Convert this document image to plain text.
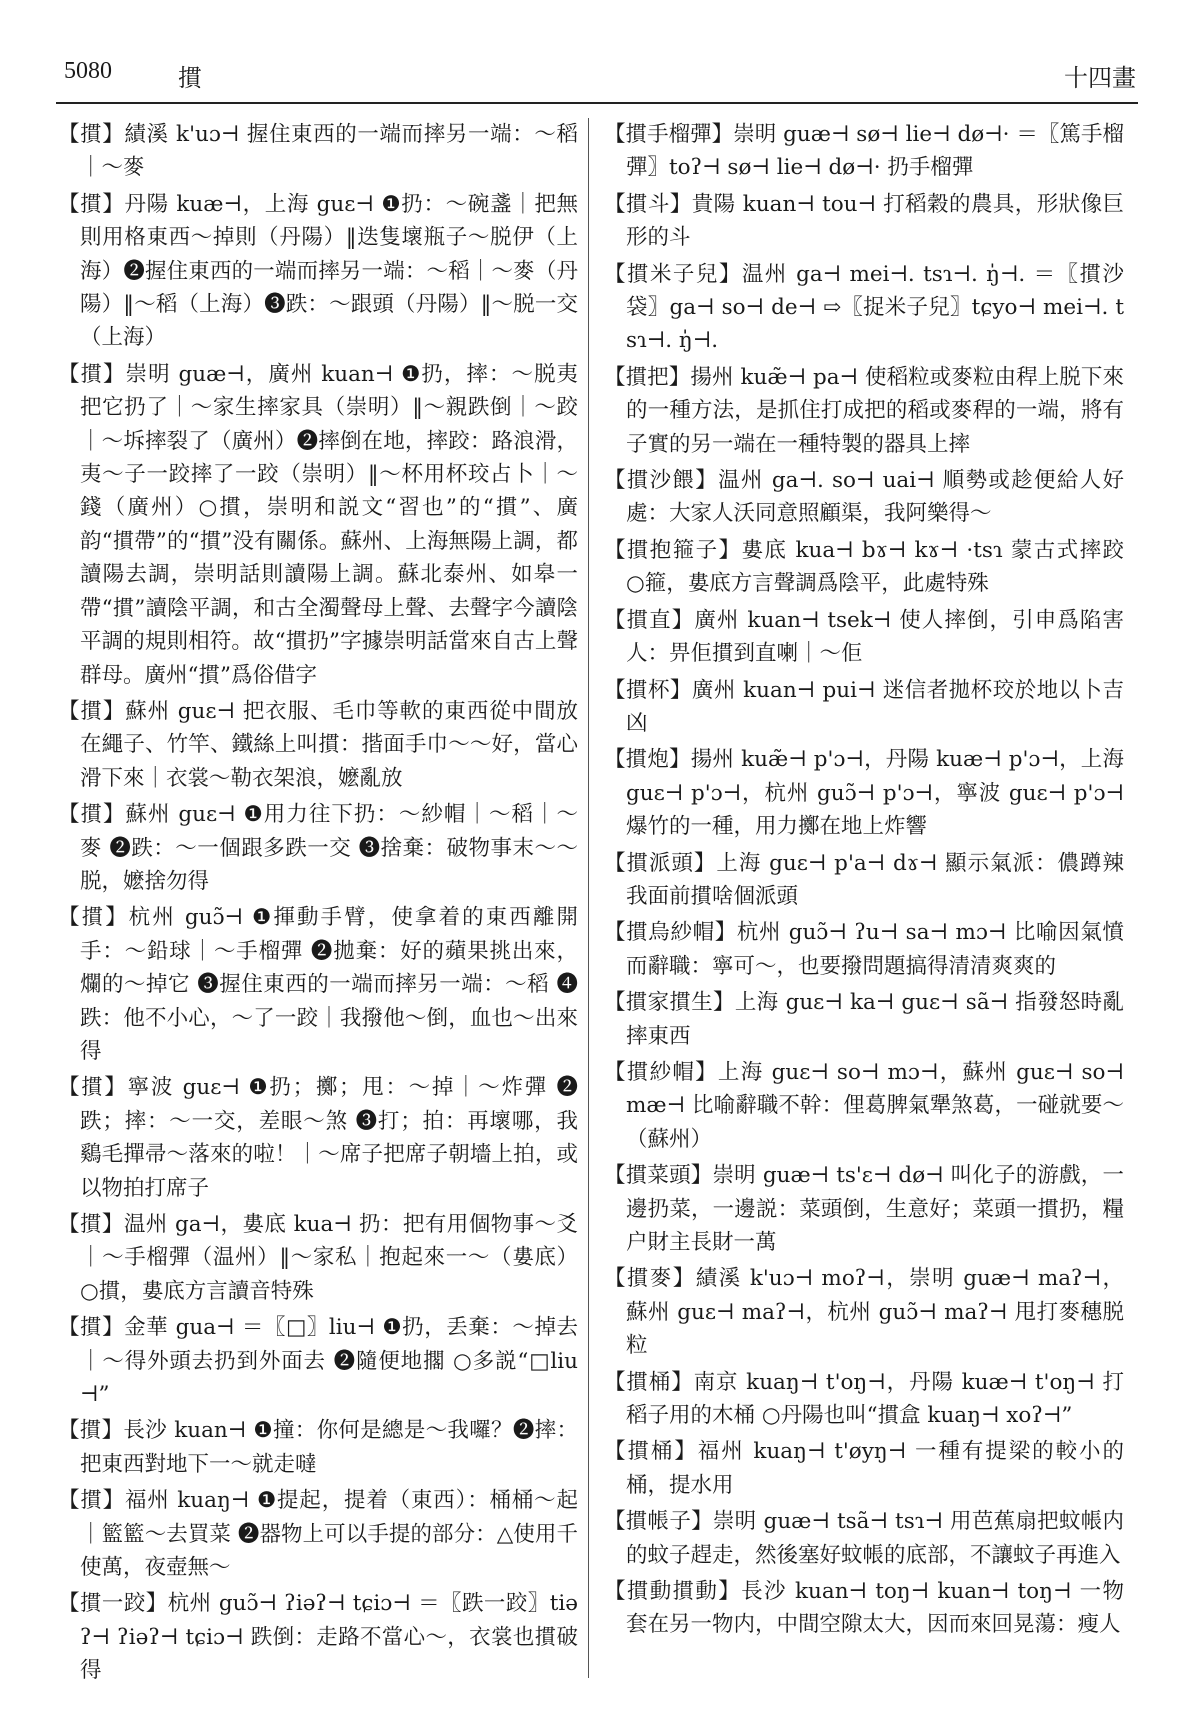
5080	摜	十四畫

【摜】績溪 k'uɔ⊣ 握住東西的一端而摔另一端：～稻｜～麥

【摜】丹陽 kuæ⊣，上海 guɛ⊣ ❶扔：～碗盞｜把無則用格東西～掉則（丹陽）‖迭隻壞瓶子～脱伊（上海）❷握住東西的一端而摔另一端：～稻｜～麥（丹陽）‖～稻（上海）❸跌：～跟頭（丹陽）‖～脱一交（上海）

【摜】崇明 guæ⊣，廣州 kuan⊣ ❶扔，摔：～脱夷把它扔了｜～家生摔家具（崇明）‖～親跌倒｜～跤｜～坼摔裂了（廣州）❷摔倒在地，摔跤：路浪滑，夷～子一跤摔了一跤（崇明）‖～杯用杯珓占卜｜～錢（廣州）○摜，崇明和説文“習也”的“摜”、廣韵“摜帶”的“摜”没有關係。蘇州、上海無陽上調，都讀陽去調，崇明話則讀陽上調。蘇北泰州、如皋一帶“摜”讀陰平調，和古全濁聲母上聲、去聲字今讀陰平調的規則相符。故“摜扔”字據崇明話當來自古上聲群母。廣州“摜”爲俗借字

【摜】蘇州 guɛ⊣ 把衣服、毛巾等軟的東西從中間放在繩子、竹竿、鐵絲上叫摜：揩面手巾～～好，當心滑下來｜衣裳～勒衣架浪，嬷亂放

【摜】蘇州 guɛ⊣ ❶用力往下扔：～紗帽｜～稻｜～麥 ❷跌：～一個跟多跌一交 ❸捨棄：破物事末～～脱，嬷捨勿得

【摜】杭州 guɔ̃⊣ ❶揮動手臂，使拿着的東西離開手：～鉛球｜～手榴彈 ❷拋棄：好的蘋果挑出來，爛的～掉它 ❸握住東西的一端而摔另一端：～稻 ❹跌：他不小心，～了一跤｜我撥他～倒，血也～出來得

【摜】寧波 guɛ⊣ ❶扔；擲；甩：～掉｜～炸彈 ❷跌；摔：～一交，差眼～煞 ❸打；拍：再壞哪，我鷄毛撣帚～落來的啦！｜～席子把席子朝墻上拍，或以物拍打席子

【摜】温州 ga⊣，婁底 kua⊣ 扔：把有用個物事～爻｜～手榴彈（温州）‖～家私｜抱起來一～（婁底）○摜，婁底方言讀音特殊

【摜】金華 gua⊣ ＝〖□〗liu⊣ ❶扔，丢棄：～掉去｜～得外頭去扔到外面去 ❷隨便地擱 ○多説“□liu⊣”

【摜】長沙 kuan⊣ ❶撞：你何是總是～我囉？❷摔：把東西對地下一～就走噠

【摜】福州 kuaŋ⊣ ❶提起，提着（東西）：桶桶～起｜籃籃～去買菜 ❷器物上可以手提的部分：△使用千使萬，夜壺無～

【摜一跤】杭州 guɔ̃⊣ ʔiəʔ⊣ tɕiɔ⊣ ＝〖跌一跤〗tiəʔ⊣ ʔiəʔ⊣ tɕiɔ⊣ 跌倒：走路不當心～，衣裳也摜破得

【摜手榴彈】崇明 guæ⊣ sø⊣ lie⊣ dø⊣· ＝〖篤手榴彈〗toʔ⊣ sø⊣ lie⊣ dø⊣· 扔手榴彈

【摜斗】貴陽 kuan⊣ tou⊣ 打稻穀的農具，形狀像巨形的斗

【摜米子兒】温州 ga⊣ mei⊣. tsɿ⊣. ŋ̍⊣. ＝〖摜沙袋〗ga⊣ so⊣ de⊣ ⇨〖捉米子兒〗tɕyo⊣ mei⊣. tsɿ⊣. ŋ̍⊣.

【摜把】揚州 kuæ̃⊣ pa⊣ 使稻粒或麥粒由稈上脱下來的一種方法，是抓住打成把的稻或麥稈的一端，將有子實的另一端在一種特製的器具上摔

【摜沙餵】温州 ga⊣. so⊣ uai⊣ 順勢或趁便給人好處：大家人沃同意照顧渠，我阿樂得～

【摜抱箍子】婁底 kua⊣ bɤ⊣ kɤ⊣ ·tsɿ 蒙古式摔跤 ○箍，婁底方言聲調爲陰平，此處特殊

【摜直】廣州 kuan⊣ tsek⊣ 使人摔倒，引申爲陷害人：畀佢摜到直喇｜～佢

【摜杯】廣州 kuan⊣ pui⊣ 迷信者拋杯珓於地以卜吉凶

【摜炮】揚州 kuæ̃⊣ p'ɔ⊣，丹陽 kuæ⊣ p'ɔ⊣，上海 guɛ⊣ p'ɔ⊣，杭州 guɔ̃⊣ p'ɔ⊣，寧波 guɛ⊣ p'ɔ⊣ 爆竹的一種，用力擲在地上炸響

【摜派頭】上海 guɛ⊣ p'a⊣ dɤ⊣ 顯示氣派：儂蹲辣我面前摜啥個派頭

【摜烏紗帽】杭州 guɔ̃⊣ ʔu⊣ sa⊣ mɔ⊣ 比喻因氣憤而辭職：寧可～，也要撥問題搞得清清爽爽的

【摜家摜生】上海 guɛ⊣ ka⊣ guɛ⊣ sã⊣ 指發怒時亂摔東西

【摜紗帽】上海 guɛ⊣ so⊣ mɔ⊣，蘇州 guɛ⊣ so⊣ mæ⊣ 比喻辭職不幹：俚葛脾氣犟煞葛，一碰就要～（蘇州）

【摜菜頭】崇明 guæ⊣ ts'ɛ⊣ dø⊣ 叫化子的游戲，一邊扔菜，一邊説：菜頭倒，生意好；菜頭一摜扔，糧户財主長財一萬

【摜麥】績溪 k'uɔ⊣ moʔ⊣，崇明 guæ⊣ maʔ⊣，蘇州 guɛ⊣ maʔ⊣，杭州 guɔ̃⊣ maʔ⊣ 甩打麥穗脱粒

【摜桶】南京 kuaŋ⊣ t'oŋ⊣，丹陽 kuæ⊣ t'oŋ⊣ 打稻子用的木桶 ○丹陽也叫“摜盒 kuaŋ⊣ xoʔ⊣”

【摜桶】福州 kuaŋ⊣ t'øyŋ⊣ 一種有提梁的較小的桶，提水用

【摜帳子】崇明 guæ⊣ tsã⊣ tsɿ⊣ 用芭蕉扇把蚊帳内的蚊子趕走，然後塞好蚊帳的底部，不讓蚊子再進入

【摜動摜動】長沙 kuan⊣ toŋ⊣ kuan⊣ toŋ⊣ 一物套在另一物内，中間空隙太大，因而來回晃蕩：瘦人
